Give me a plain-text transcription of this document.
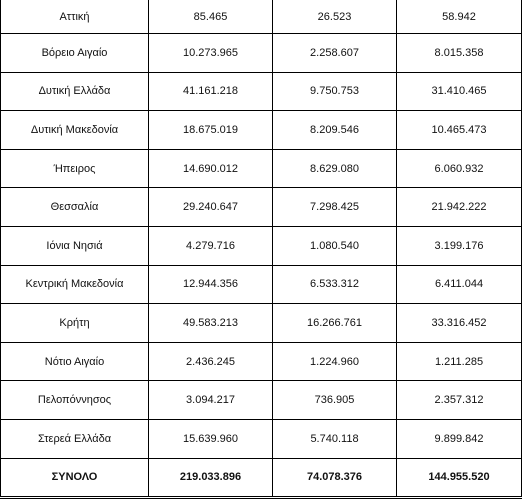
Αττική	85.465	26.523	58.942
Βόρειο Αιγαίο	10.273.965	2.258.607	8.015.358
Δυτική Ελλάδα	41.161.218	9.750.753	31.410.465
Δυτική Μακεδονία	18.675.019	8.209.546	10.465.473
Ήπειρος	14.690.012	8.629.080	6.060.932
Θεσσαλία	29.240.647	7.298.425	21.942.222
Ιόνια Νησιά	4.279.716	1.080.540	3.199.176
Κεντρική Μακεδονία	12.944.356	6.533.312	6.411.044
Κρήτη	49.583.213	16.266.761	33.316.452
Νότιο Αιγαίο	2.436.245	1.224.960	1.211.285
Πελοπόννησος	3.094.217	736.905	2.357.312
Στερεά Ελλάδα	15.639.960	5.740.118	9.899.842
ΣΥΝΟΛΟ	219.033.896	74.078.376	144.955.520
